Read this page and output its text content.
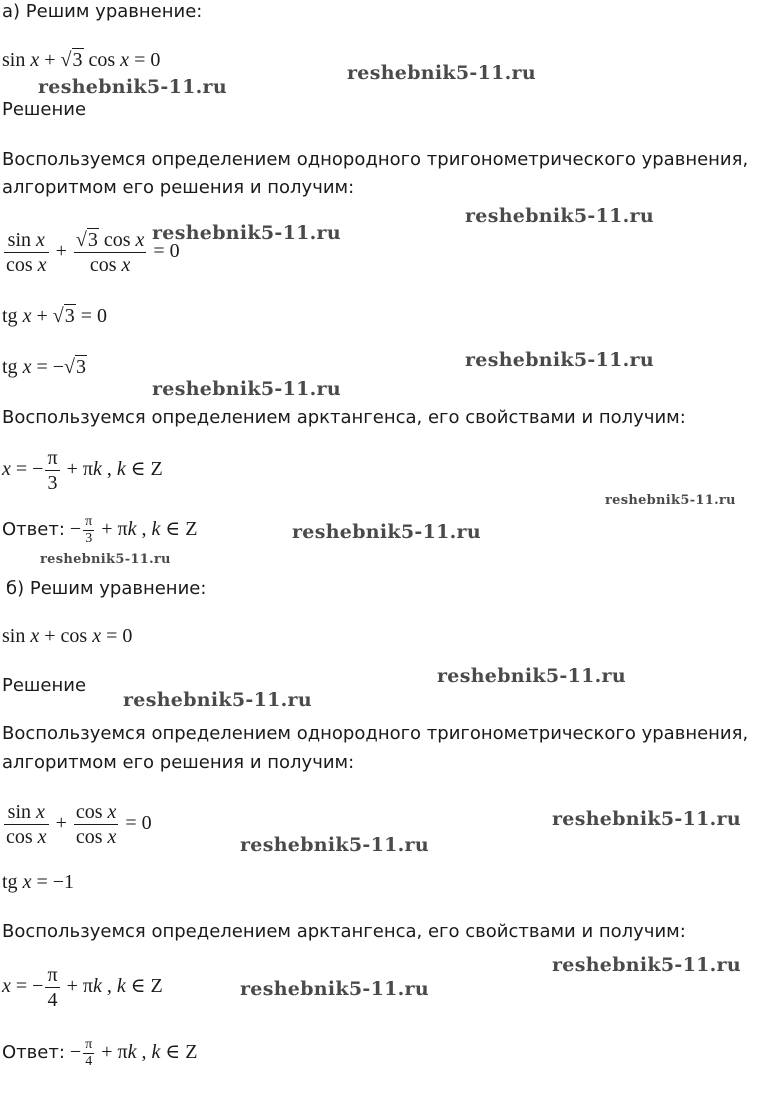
а) Решим уравнение:
sin x + √3 cos x = 0
Решение
Воспользуемся определением однородного тригонометрического уравнения,
алгоритмом его решения и получим:
$\frac{\text{sin x}}{\text{cos x}} + \frac{\text{√3 cos x}}{\text{cos x}} = 0$
tg x + √3 = 0
tg x = −√3
Воспользуемся определением арктангенса, его свойствами и получим:
x = − $\frac{\pi}{3} + \pi k$ , k ∈ Z
Ответ: − $\frac{\pi}{3} + \pi k$ , k ∈ Z
б) Решим уравнение:
sin x + cos x = 0
Решение
Воспользуемся определением однородного тригонометрического уравнения,
алгоритмом его решения и получим:
$\frac{\text{sin x}}{\text{cos x}} + \frac{\text{cos x}}{\text{cos x}} = 0$
tg x = −1
Воспользуемся определением арктангенса, его свойствами и получим:
x = − $\frac{\pi}{4} + \pi k$ , k ∈ Z
Ответ: − $\frac{\pi}{4} + \pi k$ , k ∈ Z
reshebnik5-11.ru
reshebnik5-11.ru
reshebnik5-11.ru
reshebnik5-11.ru
reshebnik5-11.ru
reshebnik5-11.ru
reshebnik5-11.ru
reshebnik5-11.ru
reshebnik5-11.ru
reshebnik5-11.ru
reshebnik5-11.ru
reshebnik5-11.ru
reshebnik5-11.ru
reshebnik5-11.ru
reshebnik5-11.ru
